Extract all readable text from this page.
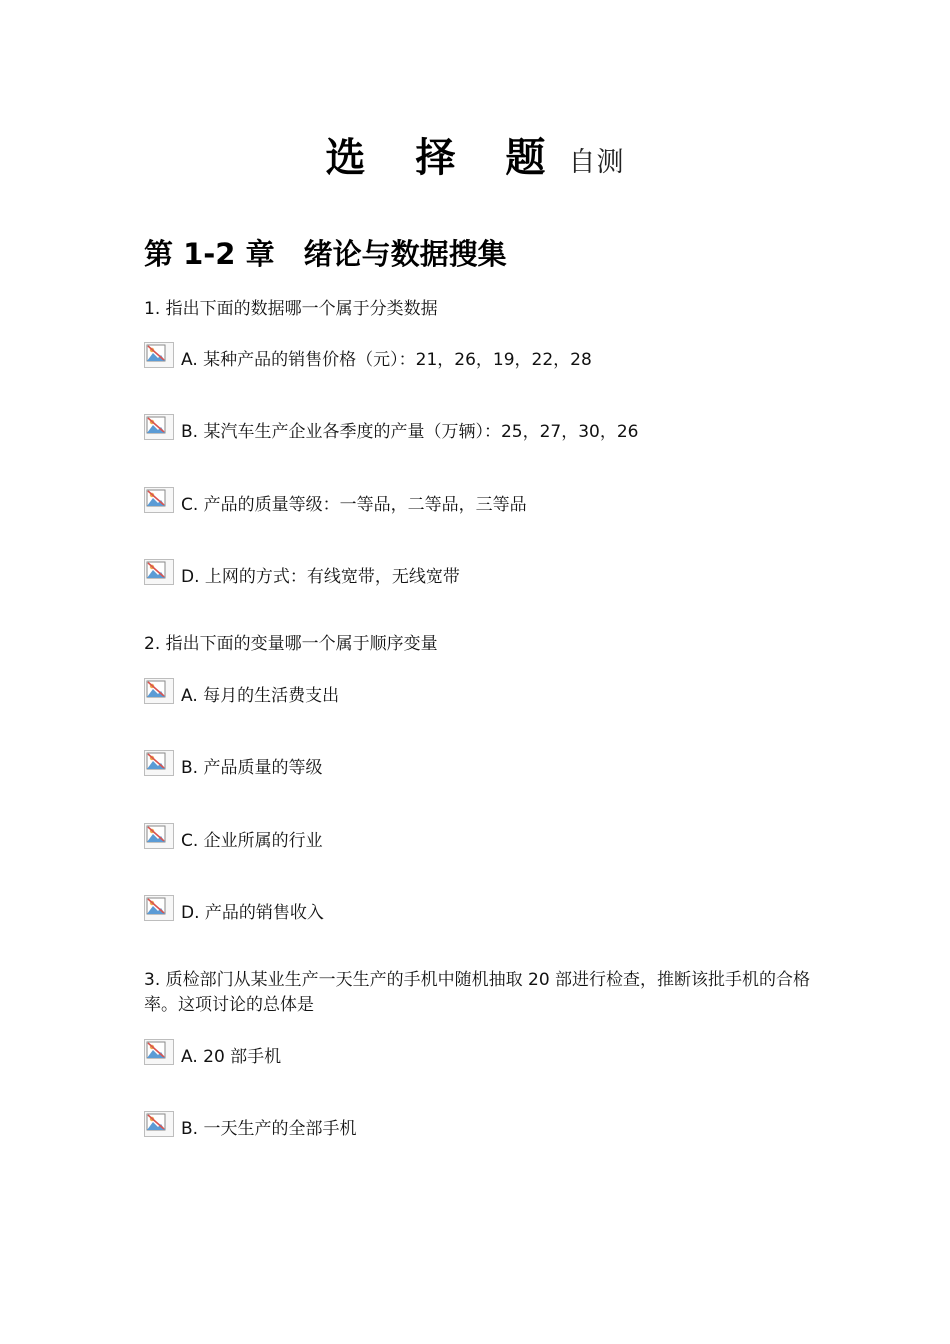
选 择 题 自测
第 1-2 章　绪论与数据搜集
1. 指出下面的数据哪一个属于分类数据
A. 某种产品的销售价格（元）：21，26，19，22，28
B. 某汽车生产企业各季度的产量（万辆）：25，27，30，26
C. 产品的质量等级：一等品，二等品，三等品
D. 上网的方式：有线宽带，无线宽带
2. 指出下面的变量哪一个属于顺序变量
A. 每月的生活费支出
B. 产品质量的等级
C. 企业所属的行业
D. 产品的销售收入
3. 质检部门从某业生产一天生产的手机中随机抽取 20 部进行检查，推断该批手机的合格率。这项讨论的总体是
A. 20 部手机
B. 一天生产的全部手机
